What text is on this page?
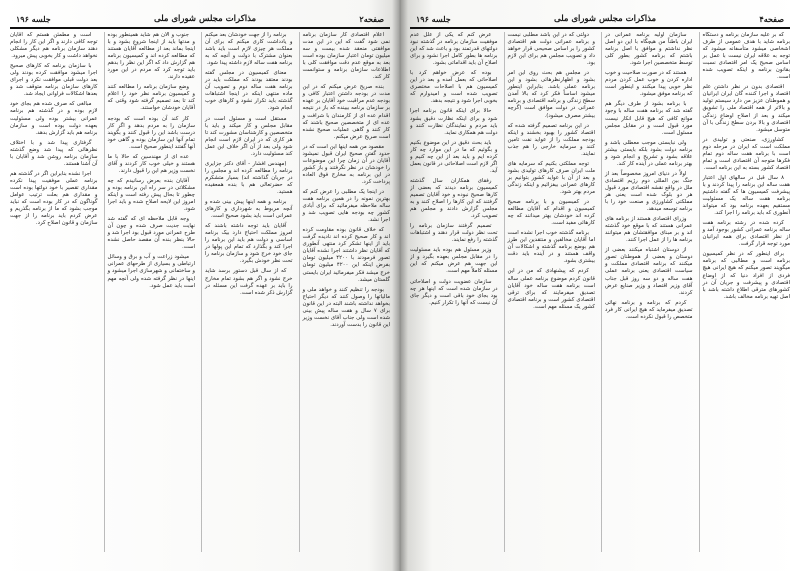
صفحه۲
مذاکرات مجلس شورای ملی
جلسه ۱۹۶

اعلام اقتصادی کار سازمان برنامه نمی شود گفت که این در این مدت موافقتی منعقد شده بیست و سه میلیون تومان اعتبار سازمان بوده است بعد به موقع عدم دقت موافقت کلی با اطلاعات سازمان برنامه و ستوانست کار کند.

بنده صریح عرض میکنم که در این مدت در بودجه داشتن اعتبار کافی و بودجه عدم مراقبت خود آقایان بر عهده بر سازمان برنامه بیینده که باز در نتیجه اقدام عده ای از کارمندان با شرافت و عده ای از متخصصین صحیح باشند که کار کنند و گاهی عملیات صحیح نشده است صریح عرض میکنم.

مقصود من همه اینها این است که در حدود گفتن صحیح ایران قبول نمیشود آقایان در آن زمان چرا این موضوعات را خودشان در نظر نگرفتند و باز کشور در این برنامه به مخارج فوق العاده پرداخت کرد.

در اینجا یک مطلبی را عرض کنم که بهترین نمونه را در همین برنامه هفت ساله ملاحظه میفرمائید که برای آبادی کشور چه بودجه هایی تصویب شد و اجرا نشد.

که خلاف قانون بوده مقاومت کرده اند و کار صحیح کرده اند نادیده گرفت باید از اینها تشکر کرد منتهی آنطوری که آقایان نظر داشتند اجرا نشده آقایان تصور فرمودند با ۴۲۰۰ میلیون تومان بفرض اینکه این ۴۲۰۰ میلیون تومان خرج میشد فکر میفرمائید ایران بایستی گلستان میشد.

بودجه را تنظیم کنند و خواهد ملی و مالیاتها را وصول کنند که دیگر احتیاج بخواهد نداشته باشند البته در این قانون برای ۷ سال و هفت ساله پیش بینی شده است ولی جناب آقای نخست وزیر این قانون را بدست آوردند.

برنامه را از جهت خودشان بعد میکنم و یادداشت کاری میکنم که برای آن مملکت هر چیزی لازم است باید باشد بعنوان مشترک با دولت و آنچه که به برنامه هفت ساله لازم داشته پیدا شود.

معنای کمیسیون در مجلس گفته بودند معتقد بودند که مملکت باید در برنامه هفت ساله دوم و تصویب آن ماده منتهی اینکه در اینجا اشتباهات گذشته باید تکرار نشود و کارهای خوب انجام شود.

مستقل است و مسئول است در مقابل مجلس و کار میکند و باید با متخصصین و کارشناسان مشورت کند تا هر کاری که در ایران لازم است انجام شود ولی بعد از آن اگر خلاف این عمل کند مسئولیت دارد.

(مهندس افشار - آقای دکتر جزایری برنامه را مطالعه کرده اند و مجلس را در جریان گذاشته اند) بسیار متشکرم که حضرتعالی هم با بنده همعقیده هستید.

برنامه و همه اینها پیش بینی شده و آنچه مربوط به شهرداری و کارهای عمرانی است باید بشود صحیح است.

آقایان باید توجه داشته باشند که امروز مملکت احتیاج دارد بیک برنامه اساسی و دولت هم باید این برنامه را اجرا کند و بگذارد که تمام این پولها در جای خود خرج شود و سازمان برنامه را تحت نظر خودش بگیرد.

که از سال قبل دستور برسد شاید خرج نشود و اگر هم بشود تمام مخارج را باید بر عهده گرفت این مسئله در گزارش ذکر شده است.

جنوب و الآن هم شاید همینطور بوده و مدتها باید از اینجا شروع بشود و با اینجا بماند بعد از مطالعه آقایان هستند که مطالعه کرده اند و کمیسیون برنامه هم گزارش داد که اگر این نظر را بدهم باید توجه کرد که مردم در این مورد عقیده دارند.

وضع سازمان برنامه را مطالعه کنند و کمیسیون برنامه نظر خود را اعلام کند تا بعد تصمیم گرفته شود وقتی که آقایان خودشان خواستند.

کار کند آن بوده است که بودجه سازمان را به مردم بدهد و اگر کار درست باشد این را قبول کنند و بگویند تمام آنها این سازمان بوده و گاهی خود آنها گفتند اینطور صحیح است.

عده ای از مهندسین که حالا با ما هستند و خیلی خوب کار کردند و آقای نخست وزیر هم این را قبول دارند.

آقایان بنده بعرض رسانیدم که چه مشکلاتی در سر راه این برنامه بوده و چطور تا بحال پیش رفته است و اینکه امروز این لایحه اصلاح شده و باید اجرا شود.

وجه قابل ملاحظه ای که گفته شد نهایت جدیت صرف شده و چون آن طرح عمرانی مورد قبول بود اجرا شد و حالا بنظر بنده آن مقصد حاصل نشده است.

میشود زراعت و آب و برق و وسائل ارتباطی و بسیاری از طرحهای عمرانی و ساختمانی و شهرسازی اجرا میشود و اینها در نظر گرفته شده ولی آنچه مهم است باید عمل شود.

است و مطمئن هستم که آقایان توجه کافی دارند و اگر این کار را انجام دهند سازمان برنامه هم دیگر مشکلی نخواهد داشت و کار بخوبی پیش میرود.

با سازمان برنامه که کارهای صحیح اجرا میشود موافقت کرده بودند ولی بعد دولت قبلی موافقت نکرد و اجرای کارهای سازمان برنامه متوقف شد و بعدها اشکالات فراوانی ایجاد شد.

مبالغی که صرف شده هم بجای خود لازم بوده و در گذشته هم برنامه عمرانی بیشتر بوده ولی مسئولیت بعهده دولت بوده است و سازمان برنامه هم باید گزارش بدهد.

گرفتاری پیدا شد و با اختلاف نظرهائی که پیدا شد وضع گذشته سازمان برنامه روشن شد و آقایان با آن آشنا هستند.

اجرا نشده بنابراین اگر در گذشته هم برنامه عملی موفقیت پیدا نکرده مقداری تقصیر با خود دولتها بوده است و مقداری هم بعلت ترتیب عوامل گوناگون که در کار بوده است که نباید موجب بشود که ما از برنامه بگذریم و عرض کردم باید برنامه را از جهت سازمان و قانون اصلاح کرد.

صفحه۴
مذاکرات مجلس شورای ملی
جلسه ۱۹۶

که بر علیه سازمان برنامه و دستگاه برنامه شاید با هدف عمومی از طرف اشخاصی میشود متأسفانه میشود که توجه به علاقه ایران نیست با عمل بر اساس صحیح یک امر اقتصادی نسبت بقانون برنامه و اینکه تصویب شده است.

اقتصادی بدون در نظر داشتن علم اقتصاد و اجرا کننده گان ایران ایرانیان و هموطنان عزیز من دارد سیستم تولید و بالاتر از همه اقتصاد ملی را تشویق میکند و بعد از اصلاح اوضاع زندگی اقتصادی و بالا بردن سطح زندگی با آن متوسل میشود.

کشاورزی، صنعتی و تولیدی در مملکت است که ایران در مرحله دوم است با برنامه هفت ساله دوم تمام فکرها متوجه آن اقتصادی است و تمام اقتصاد کشور بسته به این برنامه است.

۸ سال قبل در سالهای اول اعتبار هفت ساله این برنامه را پیدا کردند و با پیشرفت کمیسیون ها که گفته داشتیم برنامه هفت ساله یک مسئولیت مستقیم بعهده برنامه بود که میتواند آنطوری که باید برنامه را اجرا کند.

کرده شده در رشته برنامه هفت ساله برنامه عمرانی کشور بوجود آمد و از نظر اقتصادی برای همه ایرانیان مورد توجه قرار گرفت.

برای اینطور که در نظر کمیسیون برنامه است و مطالبی که برنامه میگویند تصور میکنم که هیچ ایرانی هیچ فردی از افراد دنیا که از اوضاع اقتصادی و پیشرفت و جریان آن در کشورهای مترقی اطلاع داشته باشد با اصل تهیه برنامه مخالف باشد.

سازمان اولیه برنامه عمرانی در ایران باطناً من هیچگاه با این دو اصل نظر نداشتم و موافق با اصل برنامه باشتم که برنامه کشور بطور کلی توسط متخصصین اجرا شود.

هستند که در صورت صلاحیت و خوب اداره کردن و خوب عمل کردن مردم نظر خوبی پیدا میکنند و اینطور است که برنامه موفق میشود.

با برنامه بشود از طرف دیگر هم گفته شد که برنامه هفت ساله با وجود موانع کافی که هیچ قابل انکار نیست مورد قبول است و در مقابل مجلس مسئول است.

ولی نبایستی موجب معطلی باشد و برنامه دولت بشود بلکه بایستی بیشتر علاقه بشود و تشریح و انجام شود و بهتر برنامه عملی در آینده کار کند.

اولاً در دنیای امروز مخصوصاً بعد از جنگ بین المللی دوم رژیم اقتصادی ملل در واقع نقشه اقتصادی مورد قبول هر دو بلوک شده است یعنی هر مملکتی کشاورزی و صنعت خود را با برنامه توسعه میدهد.

وزرای اقتصادی هستند از برنامه های عمرانی هستند که با موقع خود گذشته اند و بر مبنای موافقتشان هم میتوانند برنامه ها را از عمل اجرا کنند.

از دوستان اشتباه میکنند بعضی از دوستان و بعضی از هموطنان تصور میکنند که برنامه اقتصادی مملکت و سیاست اقتصادی یعنی برنامه عملی هفت ساله و دو سه روز قبل جناب آقای وزیر اقتصاد و وزیر صنایع عرض کردند.

کردم که برنامه و برنامه نهائی تصدیق میفرماید که هیچ ایرانی کار فرد متخصص را قبول نکرده است.

دولتی که در این باشد مطلبی نیست و برنامه عمرانی دولت هم اقتصادی کشور را بر اساس صحیحی قرار خواهد داد و تصویب مجلس هم برای این لازم بود.

در مجلس هم بحث روی این امر بشود و اظهارنظرهائی بشود و این برنامه عملی باشد. بنابراین اینطور میشود اساساً فکر کرد که بالا آمدن سطح زندگی و برنامه اقتصادی و برنامه عمرانی در دولت موافق است (گرچه بیشتر مصرف میشود).

در این برنامه تصمیم گرفته شده که اقتصاد کشور را بهبود بخشند و اینکه بودجه مملکت را از عواید نفت تامین کنند و سرمایه خارجی را هم جذب نمایند.

توجه مملکتی بکنیم که سرمایه های ملت ایران صرف کارهای تولیدی بشود و بعد از آن با عواید کشور بتوانیم بر کارهای عمرانی بیفزائیم و اینکه زندگی مردم بهتر شود.

در کمیسیون و با برنامه صحیح کمیسیون و اقدام که آقایان مطالعه کرده اند خودشان بهتر میدانند که چه کارهائی مفید است.

برنامه گذشته خوب اجرا نشده است اما آقایان مخالفین و منتقدین این طرز هم بوضع برنامه گذشته و اشکالات آن واقف هستند و در آینده باید دقت بیشتری بشود.

کردم که پیشنهادی که من در این قانون کردم موضوع برنامه عملی ساله است برنامه هفت ساله خود آقایان تصدیق میفرمایند که برای ترقی اقتصادی کشور است و برنامه اقتصادی کشور یک مسئله مهم است.

عرض کنم که یکی از علل عدم موفقیت سازمان برنامه در گذشته نبود دولتهای قدرتمند بود و باعث شد که این برنامه ها بطور کامل اجرا نشود و برای اصلاح آن باید اقداماتی بشود.

بوده که عرض خواهم کرد با اصلاحاتی که بعمل آمده و بعد در این کمیسیون هم با اصلاحات مختصری تصویب شده است و امیدوارم که بخوبی اجرا شود و نتیجه بدهد.

حالا برای اینکه قانون برنامه اجرا شود و برای اینکه نظارت دقیق بشود باید مردم و نمایندگان نظارت کنند و دولت هم همکاری نماید.

باید بحث دقیق در این موضوع بکنیم و بگوئیم که ما در این موارد چه کار کرده ایم و باید بعد از این چه کنیم و اگر لازم است اصلاحاتی در قانون بعمل آید.

رفقای همکاران سال گذشته کمیسیون برنامه دیدند که بعضی از کارها صحیح نبوده و خود آقایان تصمیم گرفتند که این کارها را اصلاح کنند و به مجلس گزارش دادند و مجلس هم تصویب کرد.

تصمیم گرفتند سازمان برنامه را تحت نظر دولت قرار دهند و اشتباهات گذشته را رفع نمایند.

وزیر مسئول هم بوده باید مسئولیت را در مقابل مجلس بعهده بگیرد و از این جهت هم عرض میکنم که این مسئله کاملاً مهم است.

سازمان عضویت دولت و اصلاحاتی در سازمان شده است که اینها هر چه بود بجای خود باقی است و دیگر جای آن نیست که آنها را تکرار کنیم.
